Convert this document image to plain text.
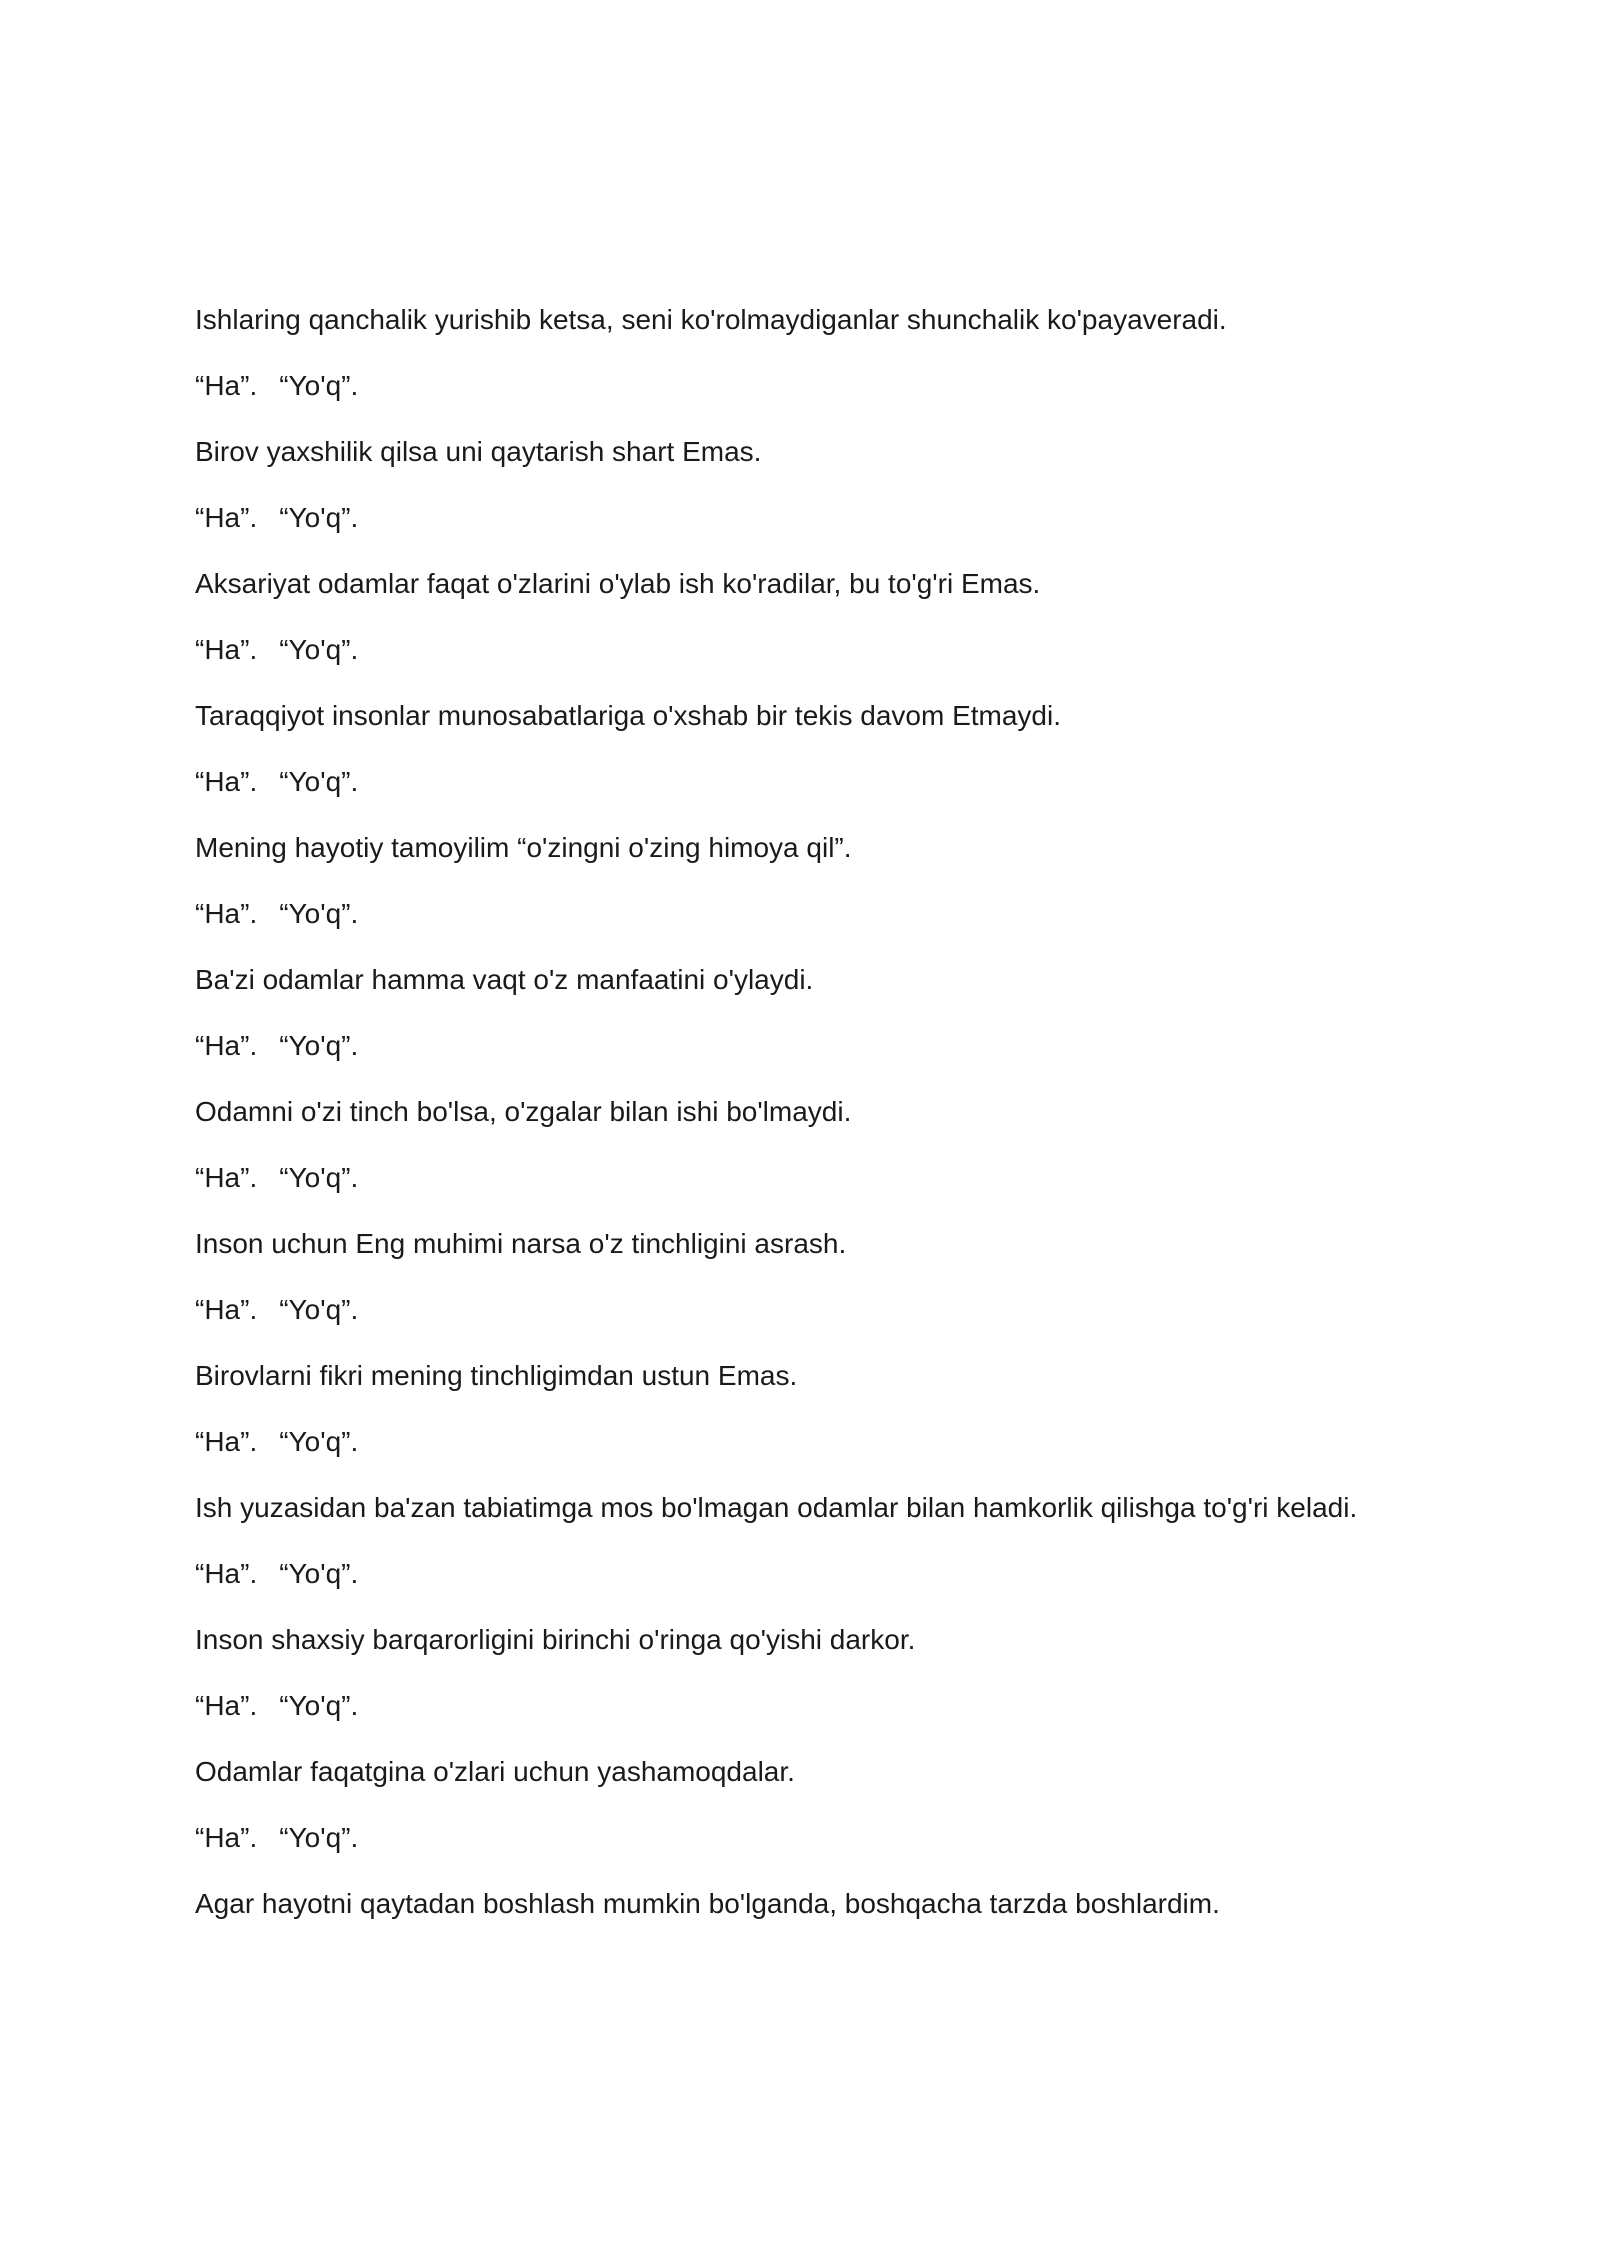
Ishlaring qanchalik yurishib ketsa, seni ko'rolmaydiganlar shunchalik ko'payaveradi.
“Ha”. “Yo'q”.
Birov yaxshilik qilsa uni qaytarish shart Emas.
“Ha”. “Yo'q”.
Aksariyat odamlar faqat o'zlarini o'ylab ish ko'radilar, bu to'g'ri Emas.
“Ha”. “Yo'q”.
Taraqqiyot insonlar munosabatlariga o'xshab bir tekis davom Etmaydi.
“Ha”. “Yo'q”.
Mening hayotiy tamoyilim “o'zingni o'zing himoya qil”.
“Ha”. “Yo'q”.
Ba'zi odamlar hamma vaqt o'z manfaatini o'ylaydi.
“Ha”. “Yo'q”.
Odamni o'zi tinch bo'lsa, o'zgalar bilan ishi bo'lmaydi.
“Ha”. “Yo'q”.
Inson uchun Eng muhimi narsa o'z tinchligini asrash.
“Ha”. “Yo'q”.
Birovlarni fikri mening tinchligimdan ustun Emas.
“Ha”. “Yo'q”.
Ish yuzasidan ba'zan tabiatimga mos bo'lmagan odamlar bilan hamkorlik qilishga to'g'ri keladi.
“Ha”. “Yo'q”.
Inson shaxsiy barqarorligini birinchi o'ringa qo'yishi darkor.
“Ha”. “Yo'q”.
Odamlar faqatgina o'zlari uchun yashamoqdalar.
“Ha”. “Yo'q”.
Agar hayotni qaytadan boshlash mumkin bo'lganda, boshqacha tarzda boshlardim.
